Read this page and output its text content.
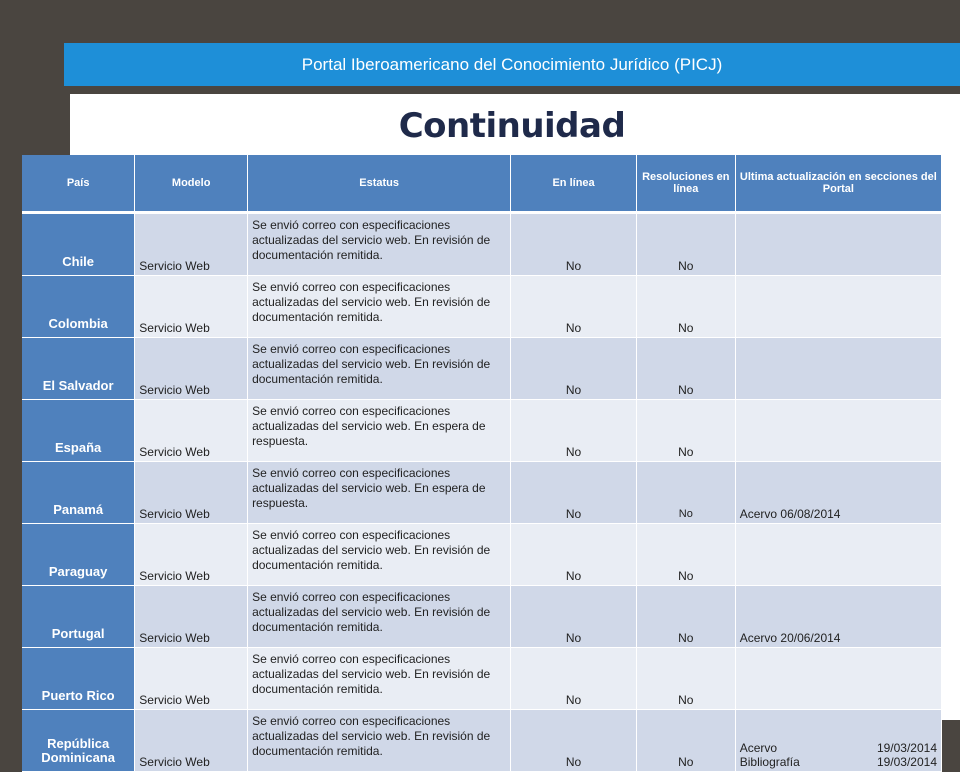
Portal Iberoamericano del Conocimiento Jurídico (PICJ)
Continuidad
País	Modelo	Estatus	En línea	Resoluciones en línea	Ultima actualización en secciones del Portal
Chile	Servicio Web	Se envió correo con especificaciones actualizadas del servicio web. En revisión de documentación remitida.	No	No	
Colombia	Servicio Web	Se envió correo con especificaciones actualizadas del servicio web. En revisión de documentación remitida.	No	No	
El Salvador	Servicio Web	Se envió correo con especificaciones actualizadas del servicio web. En revisión de documentación remitida.	No	No	
España	Servicio Web	Se envió correo con especificaciones actualizadas del servicio web. En espera de respuesta.	No	No	
Panamá	Servicio Web	Se envió correo con especificaciones actualizadas del servicio web. En espera de respuesta.	No	No	Acervo 06/08/2014
Paraguay	Servicio Web	Se envió correo con especificaciones actualizadas del servicio web. En revisión de documentación remitida.	No	No	
Portugal	Servicio Web	Se envió correo con especificaciones actualizadas del servicio web. En revisión de documentación remitida.	No	No	Acervo 20/06/2014
Puerto Rico	Servicio Web	Se envió correo con especificaciones actualizadas del servicio web. En revisión de documentación remitida.	No	No	
República Dominicana	Servicio Web	Se envió correo con especificaciones actualizadas del servicio web. En revisión de documentación remitida.	No	No	Acervo 19/03/2014
Bibliografía 19/03/2014
